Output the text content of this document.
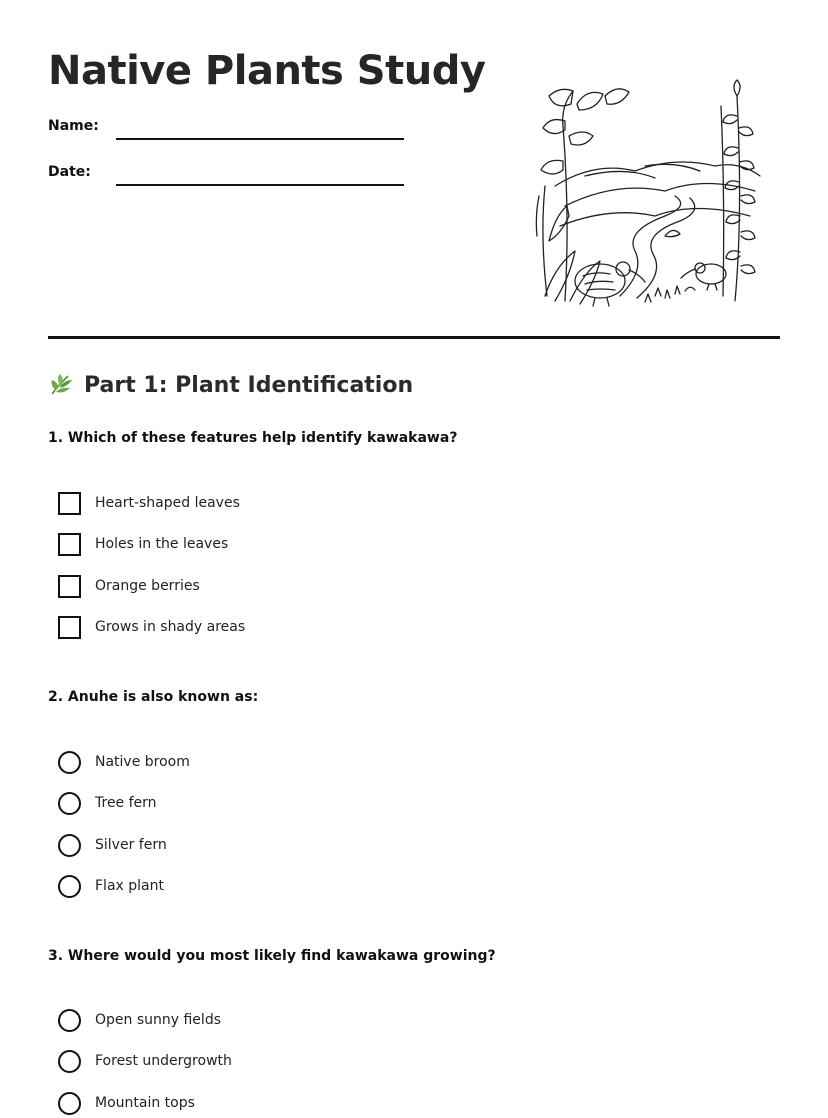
Native Plants Study
Name:
Date:
Part 1: Plant Identification

1. Which of these features help identify kawakawa?

Heart-shaped leaves
Holes in the leaves
Orange berries
Grows in shady areas

2. Anuhe is also known as:

Native broom
Tree fern
Silver fern
Flax plant

3. Where would you most likely find kawakawa growing?

Open sunny fields
Forest undergrowth
Mountain tops
